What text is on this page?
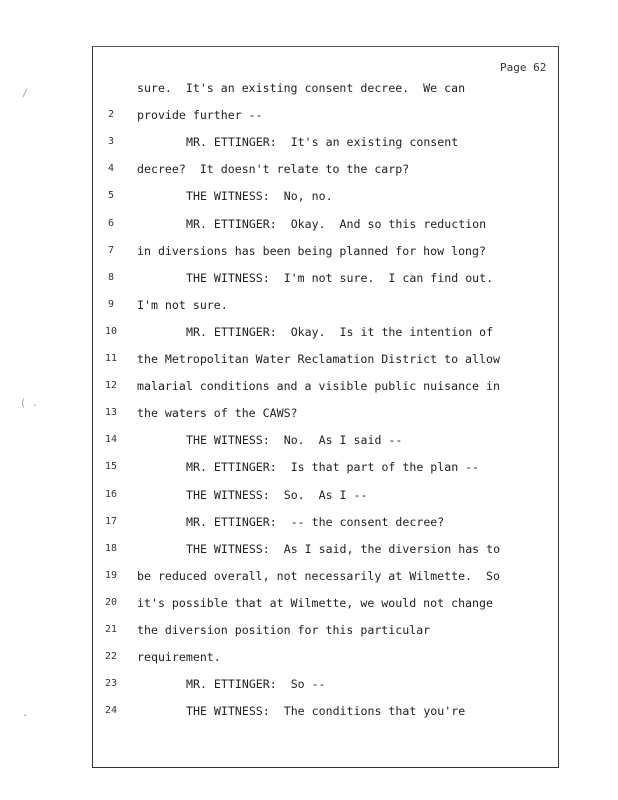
Page 62
/
( .
.
sure.  It's an existing consent decree.  We can
2	provide further --
3	MR. ETTINGER:  It's an existing consent
4	decree?  It doesn't relate to the carp?
5	THE WITNESS:  No, no.
6	MR. ETTINGER:  Okay.  And so this reduction
7	in diversions has been being planned for how long?
8	THE WITNESS:  I'm not sure.  I can find out.
9	I'm not sure.
10	MR. ETTINGER:  Okay.  Is it the intention of
11 the Metropolitan Water Reclamation District to allow
12 malarial conditions and a visible public nuisance in
13 the waters of the CAWS?
14	THE WITNESS:  No.  As I said --
15	MR. ETTINGER:  Is that part of the plan --
16	THE WITNESS:  So.  As I --
17	MR. ETTINGER:  -- the consent decree?
18	THE WITNESS:  As I said, the diversion has to
19 be reduced overall, not necessarily at Wilmette.  So
20 it's possible that at Wilmette, we would not change
21 the diversion position for this particular
22 requirement.
23	MR. ETTINGER:  So --
24	THE WITNESS:  The conditions that you're
